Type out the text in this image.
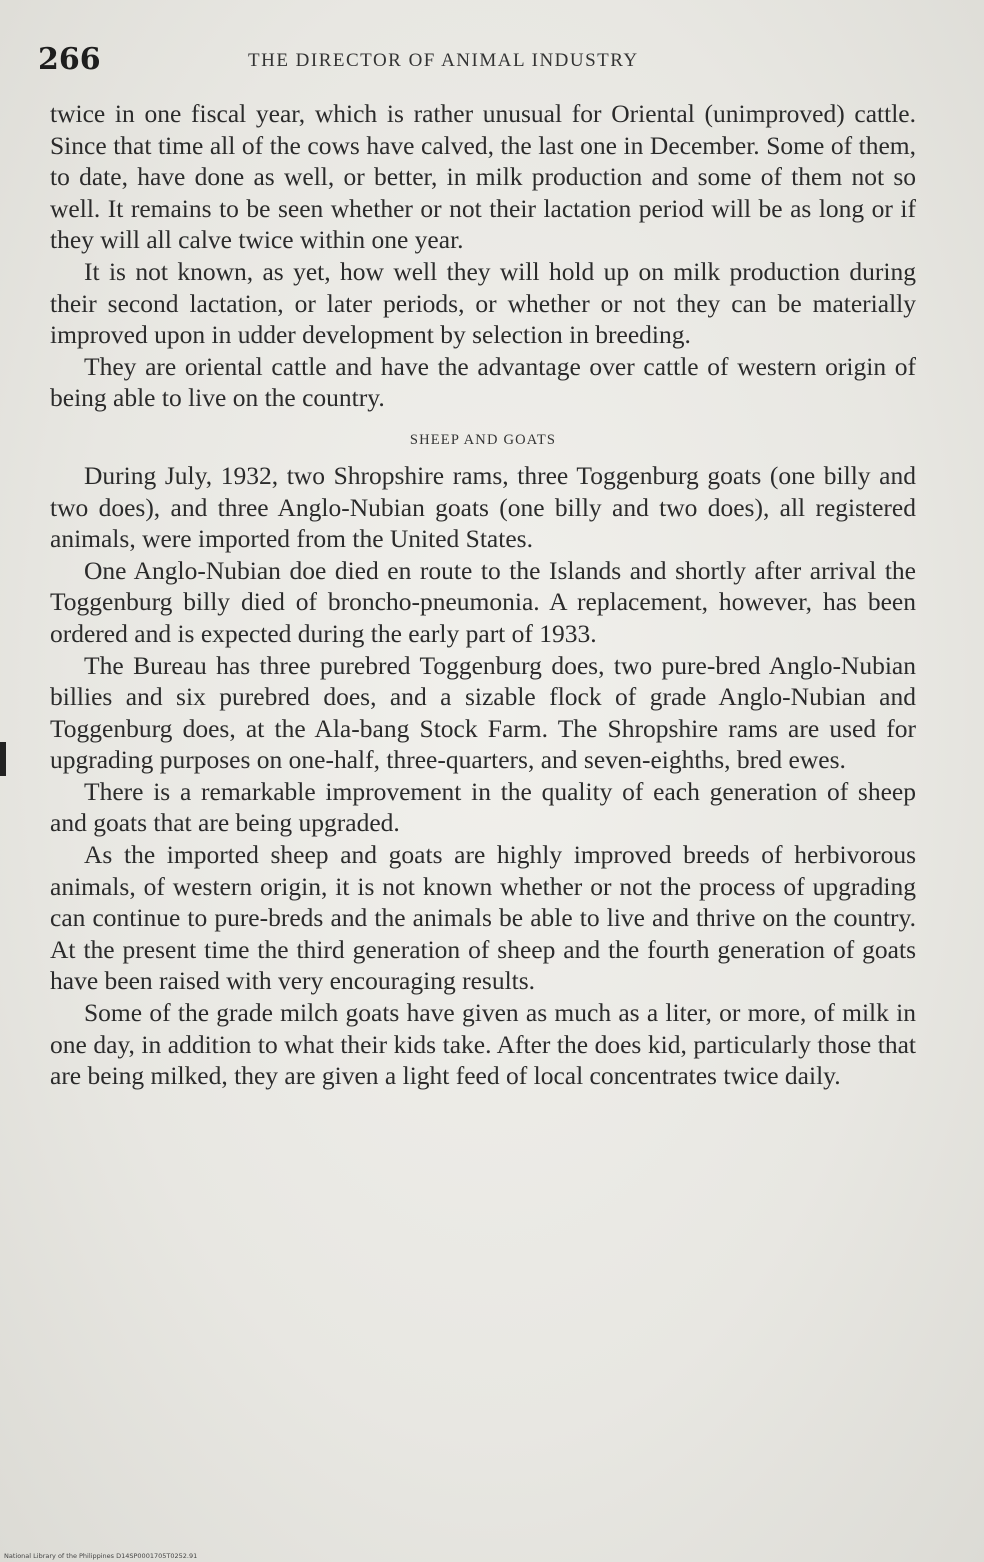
266	THE DIRECTOR OF ANIMAL INDUSTRY

twice in one fiscal year, which is rather unusual for Oriental (unimproved) cattle. Since that time all of the cows have calved, the last one in December. Some of them, to date, have done as well, or better, in milk production and some of them not so well. It remains to be seen whether or not their lactation period will be as long or if they will all calve twice within one year.

It is not known, as yet, how well they will hold up on milk production during their second lactation, or later periods, or whether or not they can be materially improved upon in udder development by selection in breeding.

They are oriental cattle and have the advantage over cattle of western origin of being able to live on the country.

SHEEP AND GOATS

During July, 1932, two Shropshire rams, three Toggenburg goats (one billy and two does), and three Anglo-Nubian goats (one billy and two does), all registered animals, were imported from the United States.

One Anglo-Nubian doe died en route to the Islands and shortly after arrival the Toggenburg billy died of broncho-pneumonia. A replacement, however, has been ordered and is expected during the early part of 1933.

The Bureau has three purebred Toggenburg does, two pure-bred Anglo-Nubian billies and six purebred does, and a sizable flock of grade Anglo-Nubian and Toggenburg does, at the Ala-bang Stock Farm. The Shropshire rams are used for upgrading purposes on one-half, three-quarters, and seven-eighths, bred ewes.

There is a remarkable improvement in the quality of each generation of sheep and goats that are being upgraded.

As the imported sheep and goats are highly improved breeds of herbivorous animals, of western origin, it is not known whether or not the process of upgrading can continue to pure-breds and the animals be able to live and thrive on the country. At the present time the third generation of sheep and the fourth generation of goats have been raised with very encouraging results.

Some of the grade milch goats have given as much as a liter, or more, of milk in one day, in addition to what their kids take. After the does kid, particularly those that are being milked, they are given a light feed of local concentrates twice daily.

National Library of the Philippines D14SP0001705T0252.91
